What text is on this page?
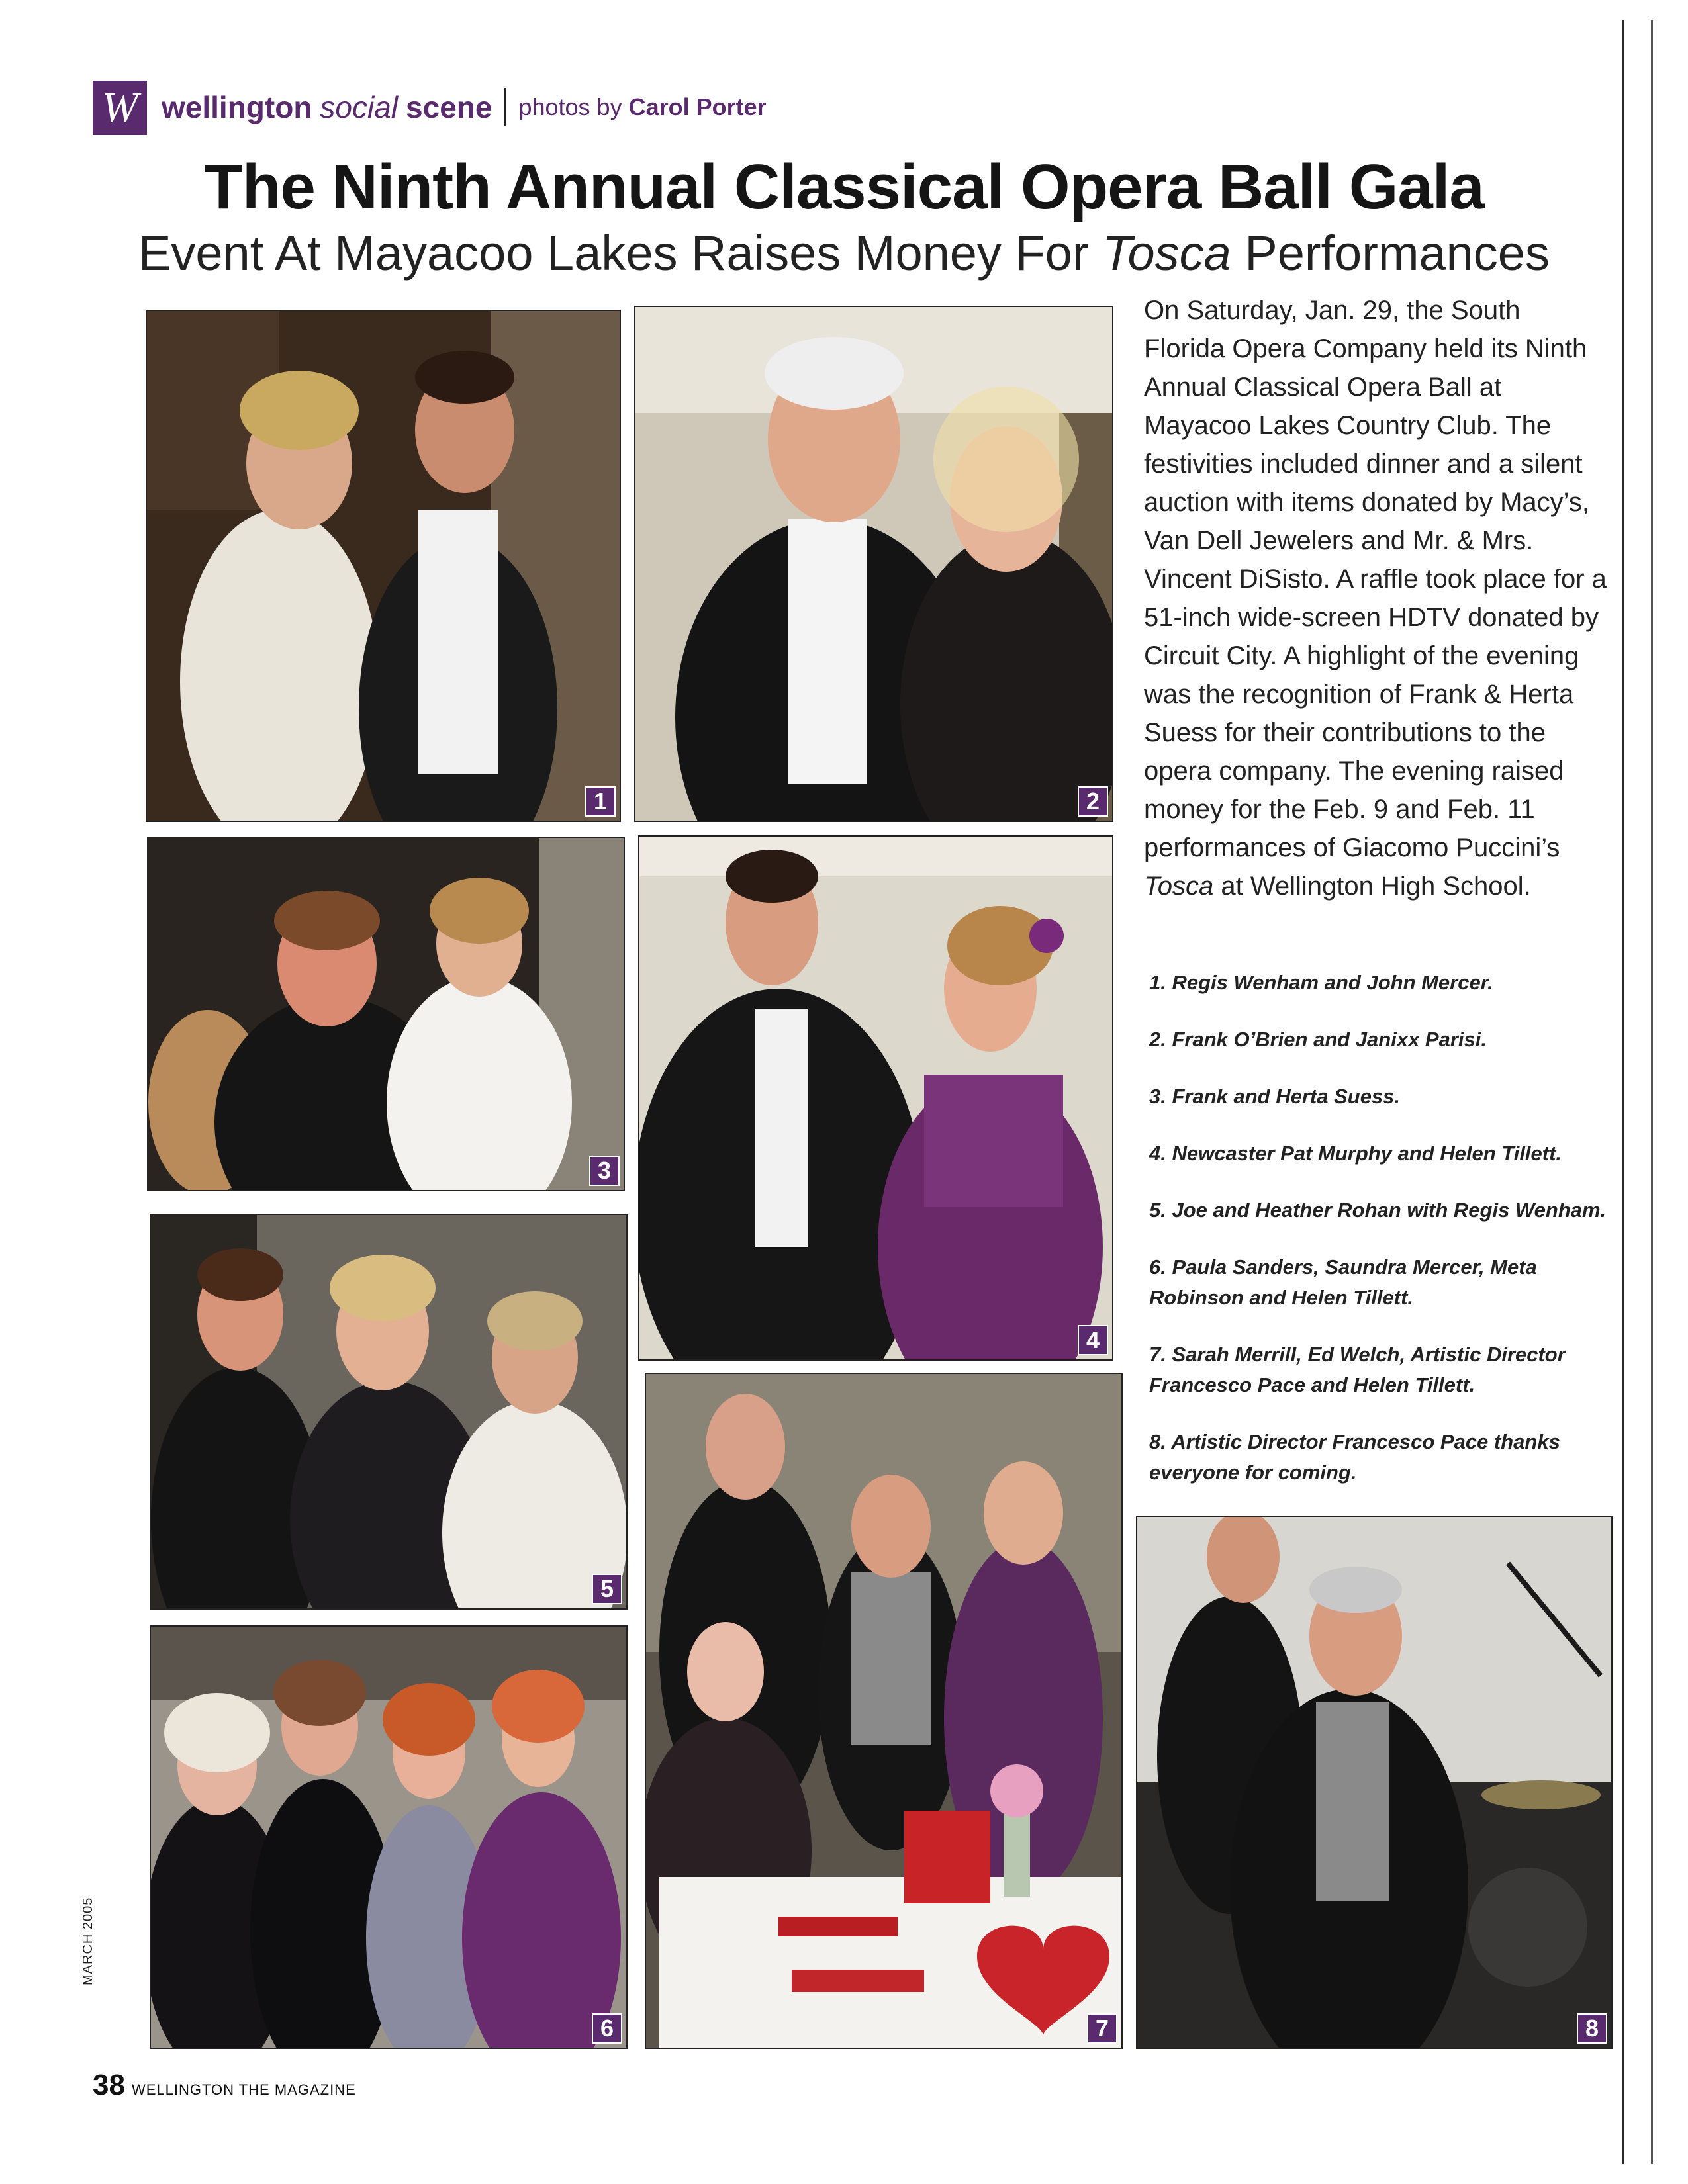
W wellington social scene photos by Carol Porter
The Ninth Annual Classical Opera Ball Gala
Event At Mayacoo Lakes Raises Money For Tosca Performances
1	2
3
4
5
6	7	8
On Saturday, Jan. 29, the South Florida Opera Company held its Ninth Annual Classical Opera Ball at Mayacoo Lakes Country Club. The festivities included dinner and a silent auction with items donated by Macy’s, Van Dell Jewelers and Mr. & Mrs. Vincent DiSisto. A raffle took place for a 51-inch wide-screen HDTV donated by Circuit City. A highlight of the evening was the recognition of Frank & Herta Suess for their contributions to the opera company. The evening raised money for the Feb. 9 and Feb. 11 performances of Giacomo Puccini’s Tosca at Wellington High School.
1. Regis Wenham and John Mercer.
2. Frank O’Brien and Janixx Parisi.
3. Frank and Herta Suess.
4. Newcaster Pat Murphy and Helen Tillett.
5. Joe and Heather Rohan with Regis Wenham.
6. Paula Sanders, Saundra Mercer, Meta Robinson and Helen Tillett.
7. Sarah Merrill, Ed Welch, Artistic Director Francesco Pace and Helen Tillett.
8. Artistic Director Francesco Pace thanks everyone for coming.
MARCH 2005
38 WELLINGTON THE MAGAZINE
